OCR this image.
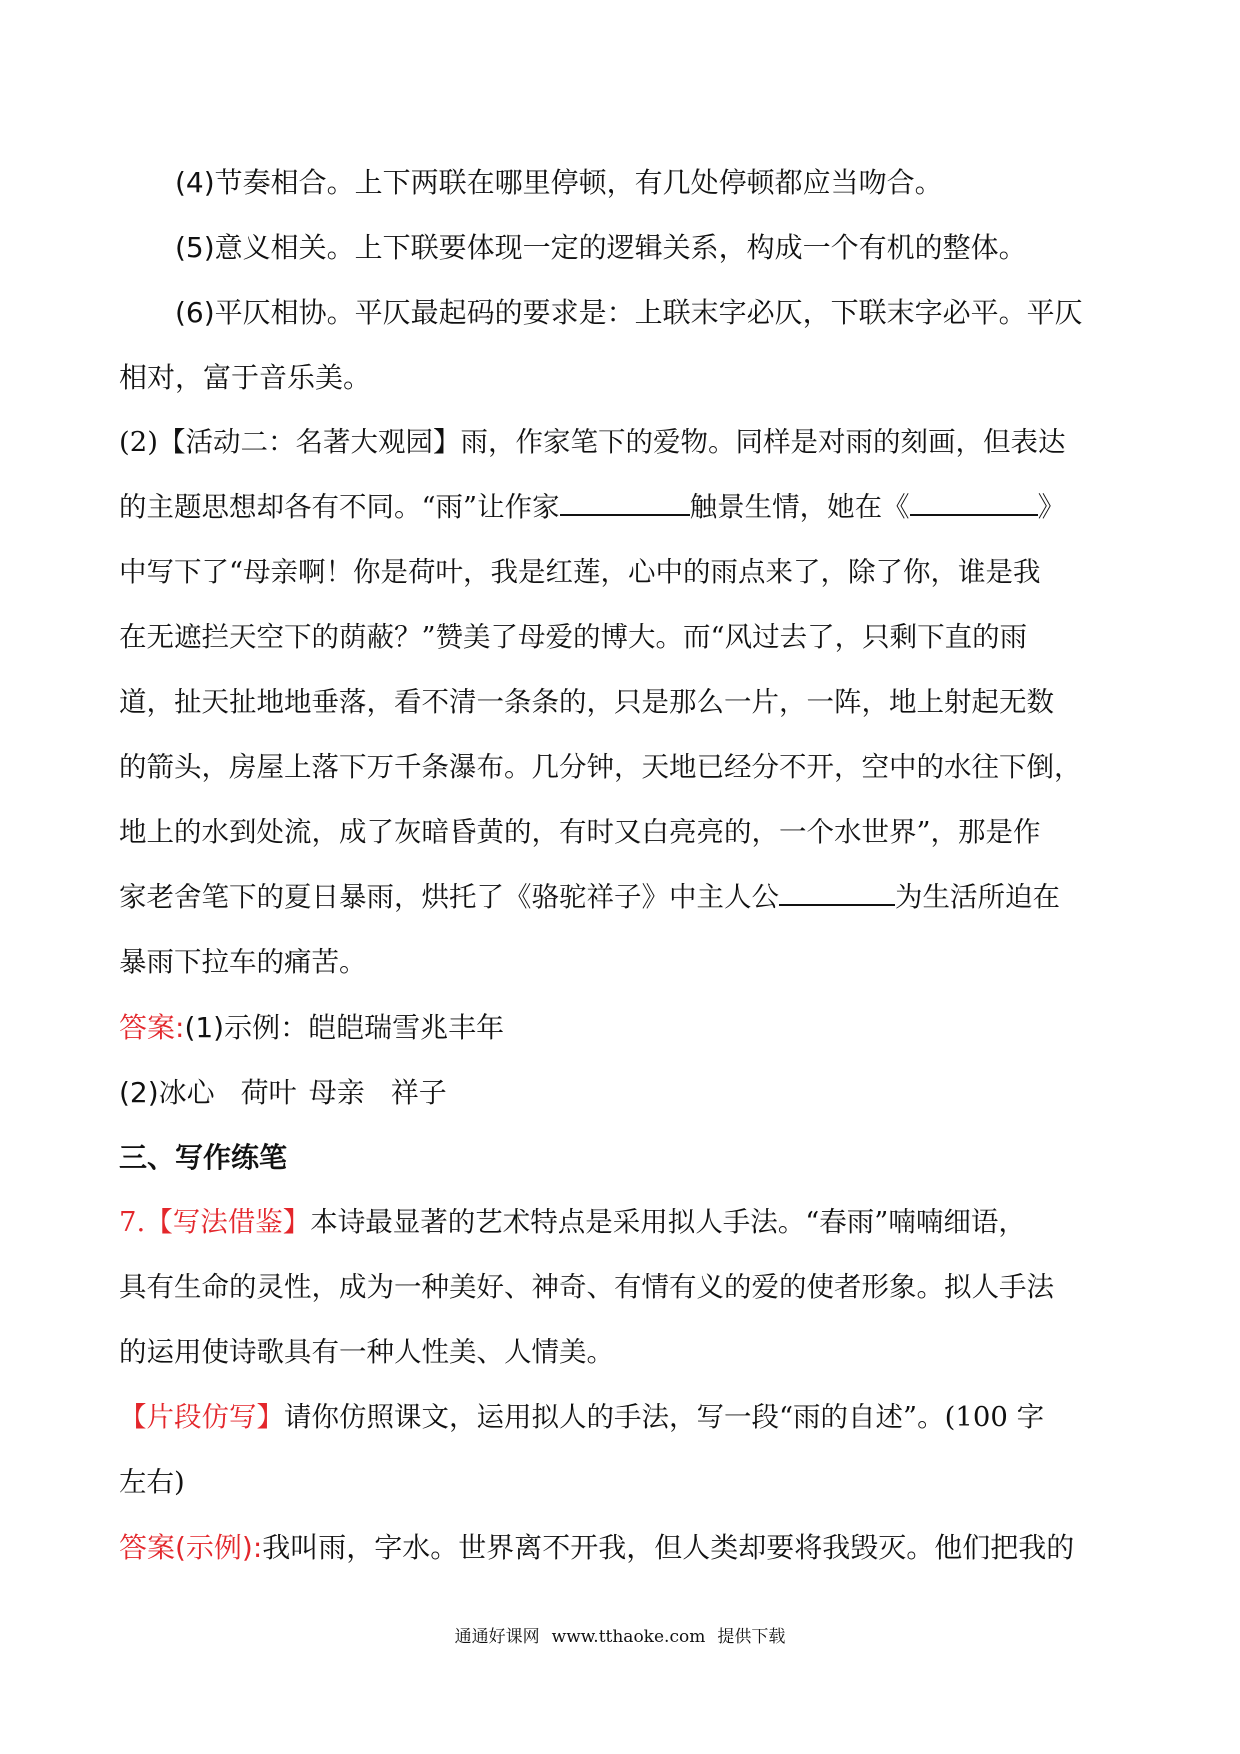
(4)节奏相合。上下两联在哪里停顿，有几处停顿都应当吻合。
(5)意义相关。上下联要体现一定的逻辑关系，构成一个有机的整体。
(6)平仄相协。平仄最起码的要求是：上联末字必仄，下联末字必平。平仄
相对，富于音乐美。
(2)【活动二：名著大观园】雨，作家笔下的爱物。同样是对雨的刻画，但表达
的主题思想却各有不同。“雨”让作家	触景生情，她在《	》
中写下了“母亲啊！你是荷叶，我是红莲，心中的雨点来了，除了你，谁是我
在无遮拦天空下的荫蔽？”赞美了母爱的博大。而“风过去了，只剩下直的雨
道，扯天扯地地垂落，看不清一条条的，只是那么一片，一阵，地上射起无数
的箭头，房屋上落下万千条瀑布。几分钟，天地已经分不开，空中的水往下倒，
地上的水到处流，成了灰暗昏黄的，有时又白亮亮的，一个水世界”，那是作
家老舍笔下的夏日暴雨，烘托了《骆驼祥子》中主人公	为生活所迫在
暴雨下拉车的痛苦。
答案:(1)示例：皑皑瑞雪兆丰年
(2)冰心 荷叶 母亲 祥子
三、写作练笔
7.【写法借鉴】本诗最显著的艺术特点是采用拟人手法。“春雨”喃喃细语，
具有生命的灵性，成为一种美好、神奇、有情有义的爱的使者形象。拟人手法
的运用使诗歌具有一种人性美、人情美。
【片段仿写】请你仿照课文，运用拟人的手法，写一段“雨的自述”。(100 字
左右)
答案(示例):我叫雨，字水。世界离不开我，但人类却要将我毁灭。他们把我的
通通好课网 www.tthaoke.com 提供下载
